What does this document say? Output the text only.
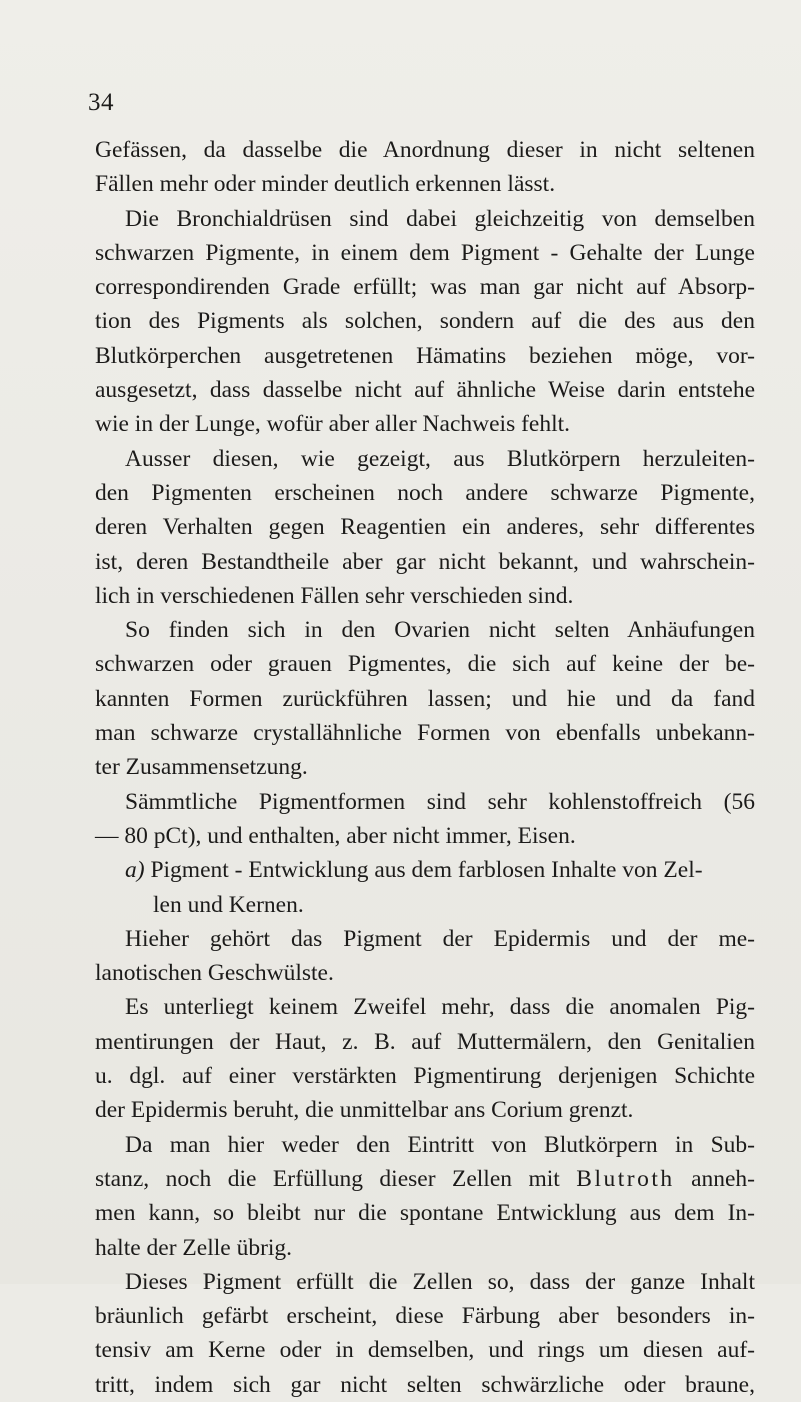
34
Gefässen, da dasselbe die Anordnung dieser in nicht seltenen
Fällen mehr oder minder deutlich erkennen lässt.
Die Bronchialdrüsen sind dabei gleichzeitig von demselben
schwarzen Pigmente, in einem dem Pigment - Gehalte der Lunge
correspondirenden Grade erfüllt; was man gar nicht auf Absorp-
tion des Pigments als solchen, sondern auf die des aus den
Blutkörperchen ausgetretenen Hämatins beziehen möge, vor-
ausgesetzt, dass dasselbe nicht auf ähnliche Weise darin entstehe
wie in der Lunge, wofür aber aller Nachweis fehlt.
Ausser diesen, wie gezeigt, aus Blutkörpern herzuleiten-
den Pigmenten erscheinen noch andere schwarze Pigmente,
deren Verhalten gegen Reagentien ein anderes, sehr differentes
ist, deren Bestandtheile aber gar nicht bekannt, und wahrschein-
lich in verschiedenen Fällen sehr verschieden sind.
So finden sich in den Ovarien nicht selten Anhäufungen
schwarzen oder grauen Pigmentes, die sich auf keine der be-
kannten Formen zurückführen lassen; und hie und da fand
man schwarze crystallähnliche Formen von ebenfalls unbekann-
ter Zusammensetzung.
Sämmtliche Pigmentformen sind sehr kohlenstoffreich (56
— 80 pCt), und enthalten, aber nicht immer, Eisen.
a) Pigment - Entwicklung aus dem farblosen Inhalte von Zel-
len und Kernen.
Hieher gehört das Pigment der Epidermis und der me-
lanotischen Geschwülste.
Es unterliegt keinem Zweifel mehr, dass die anomalen Pig-
mentirungen der Haut, z. B. auf Muttermälern, den Genitalien
u. dgl. auf einer verstärkten Pigmentirung derjenigen Schichte
der Epidermis beruht, die unmittelbar ans Corium grenzt.
Da man hier weder den Eintritt von Blutkörpern in Sub-
stanz, noch die Erfüllung dieser Zellen mit Blutroth anneh-
men kann, so bleibt nur die spontane Entwicklung aus dem In-
halte der Zelle übrig.
Dieses Pigment erfüllt die Zellen so, dass der ganze Inhalt
bräunlich gefärbt erscheint, diese Färbung aber besonders in-
tensiv am Kerne oder in demselben, und rings um diesen auf-
tritt, indem sich gar nicht selten schwärzliche oder braune,
